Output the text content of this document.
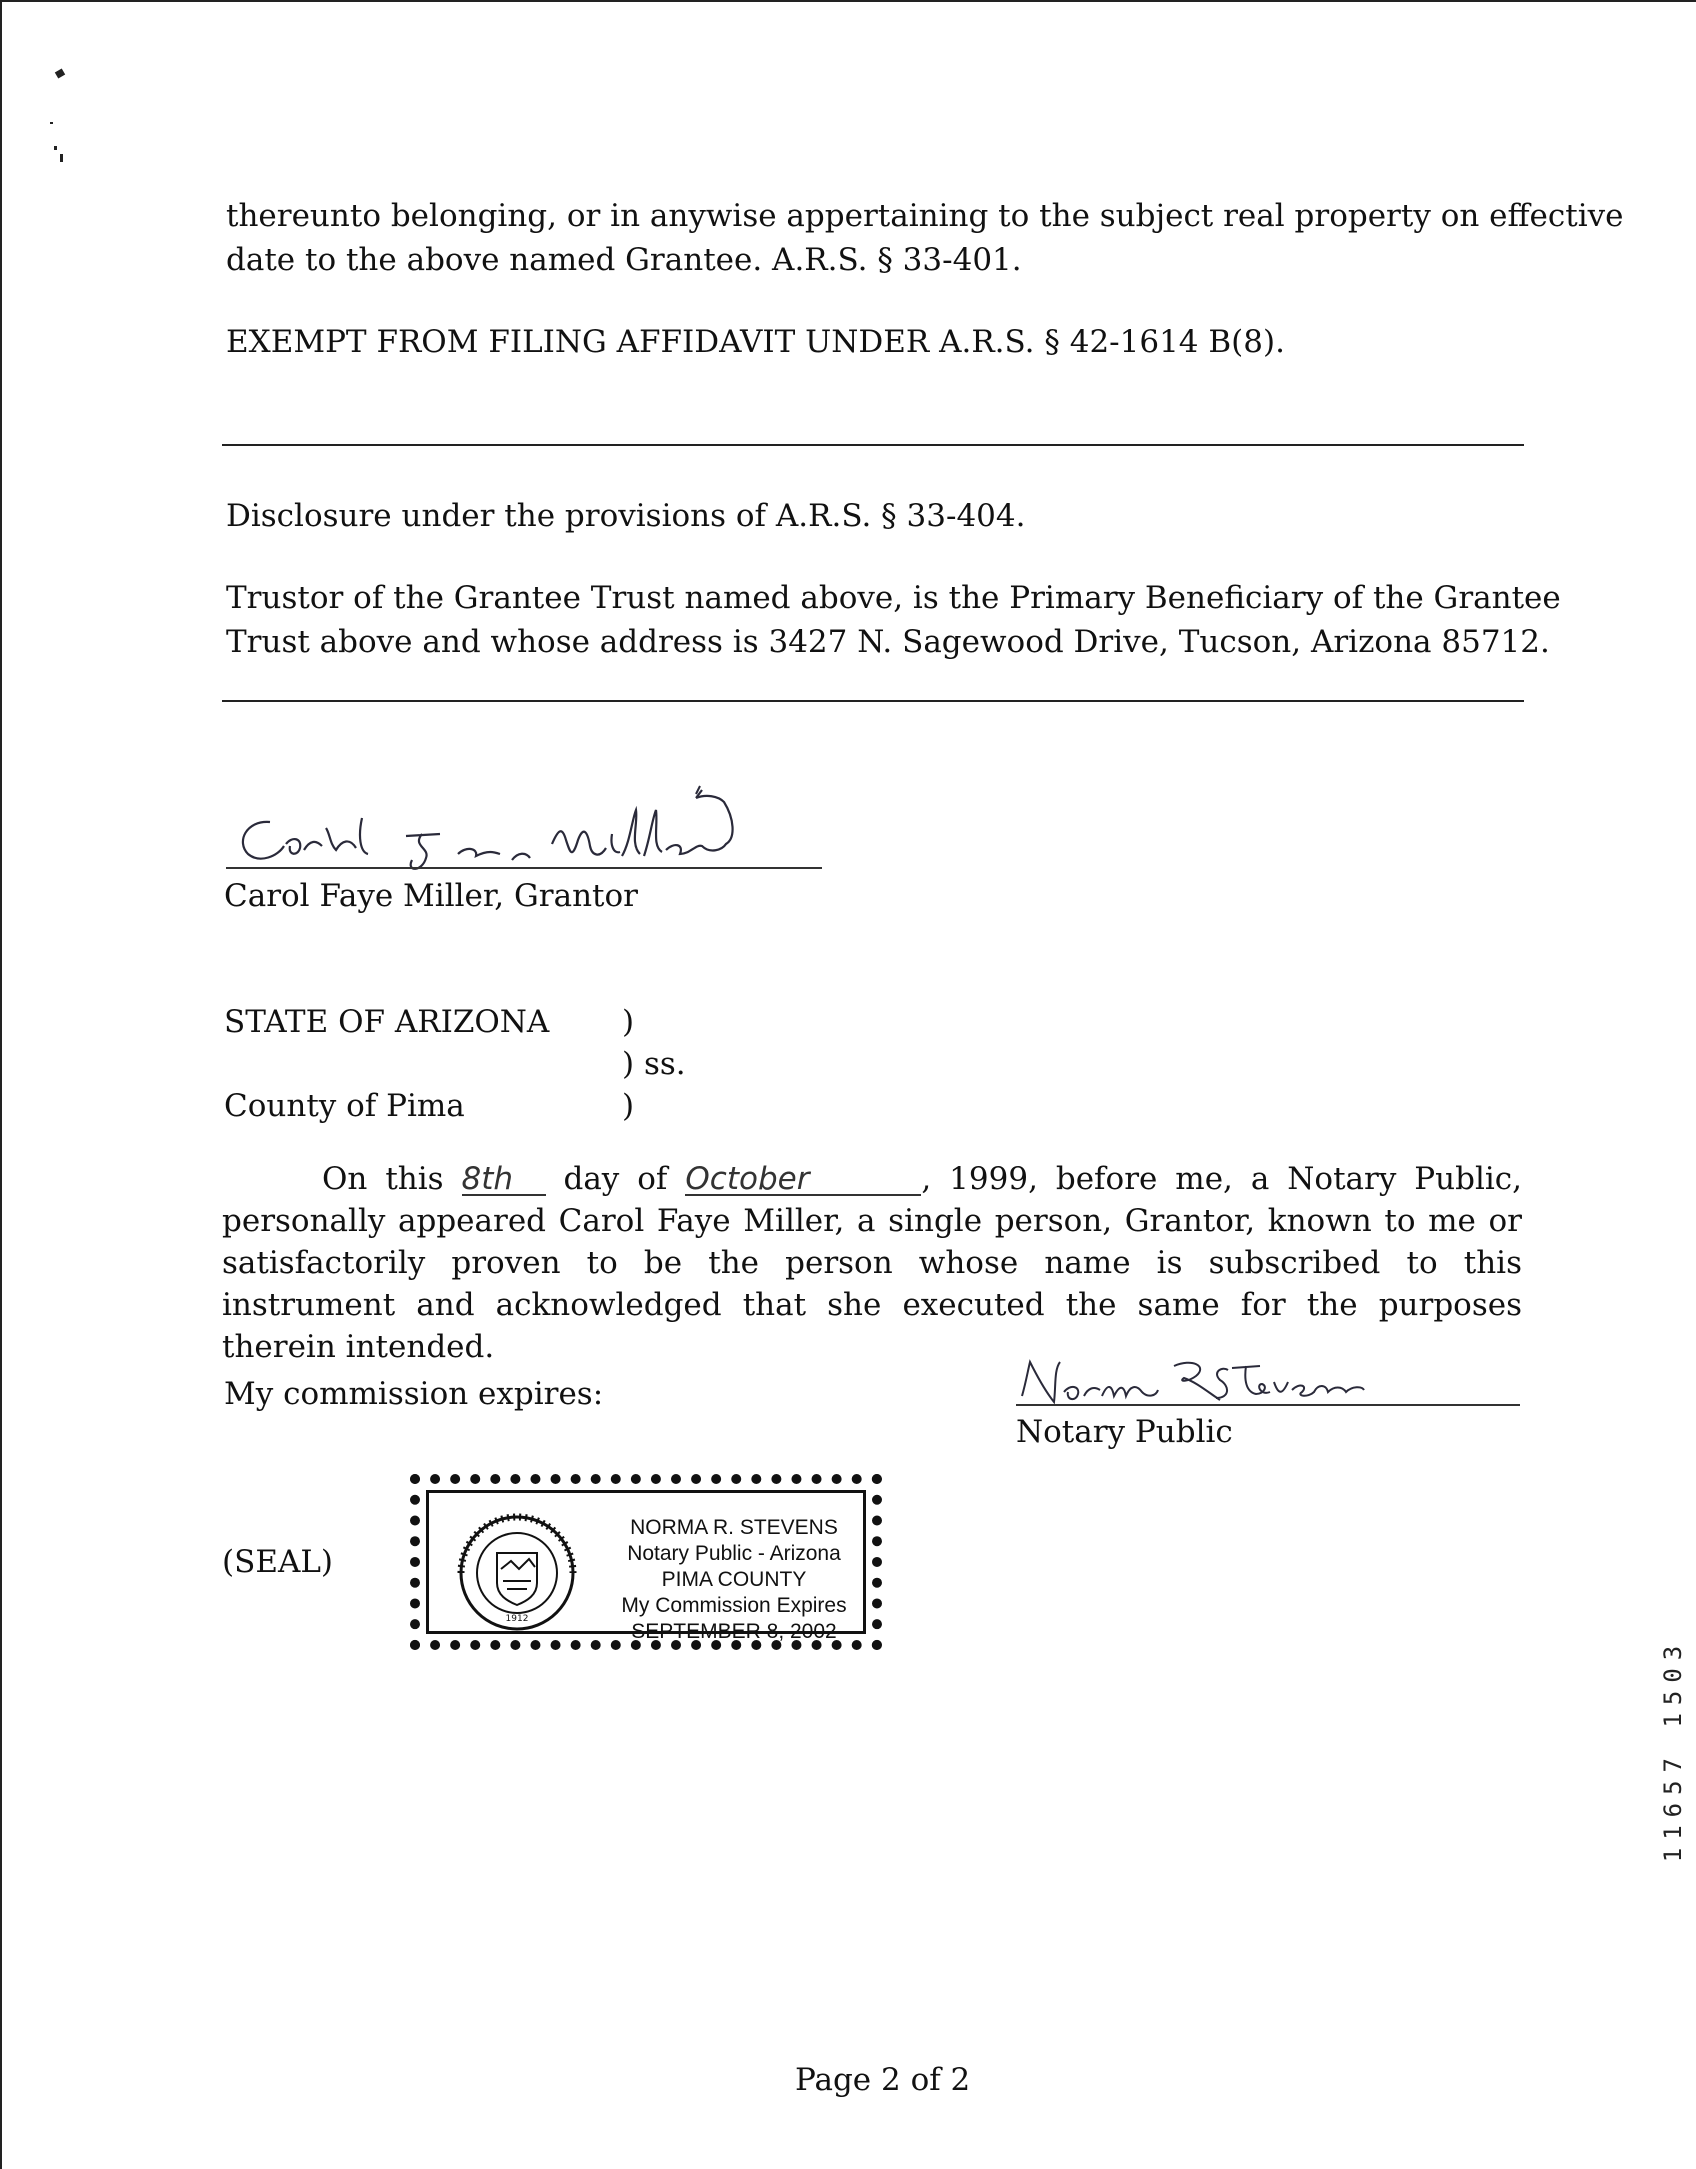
thereunto belonging, or in anywise appertaining to the subject real property on effective
date to the above named Grantee. A.R.S. § 33-401.
EXEMPT FROM FILING AFFIDAVIT UNDER A.R.S. § 42-1614 B(8).
Disclosure under the provisions of A.R.S. § 33-404.
Trustor of the Grantee Trust named above, is the Primary Beneficiary of the Grantee
Trust above and whose address is 3427 N. Sagewood Drive, Tucson, Arizona 85712.
Carol Faye Miller, Grantor
STATE OF ARIZONA )
) ss.
County of Pima	)
On this 8th day of October	, 1999, before me, a Notary Public, personally appeared Carol Faye Miller, a single person, Grantor, known to me or satisfactorily proven to be the person whose name is subscribed to this instrument and acknowledged that she executed the same for the purposes therein intended.
My commission expires:
Notary Public
(SEAL)
1912
NORMA R. STEVENS
Notary Public - Arizona
PIMA COUNTY
My Commission Expires
SEPTEMBER 8, 2002
11657 1503
Page 2 of 2
